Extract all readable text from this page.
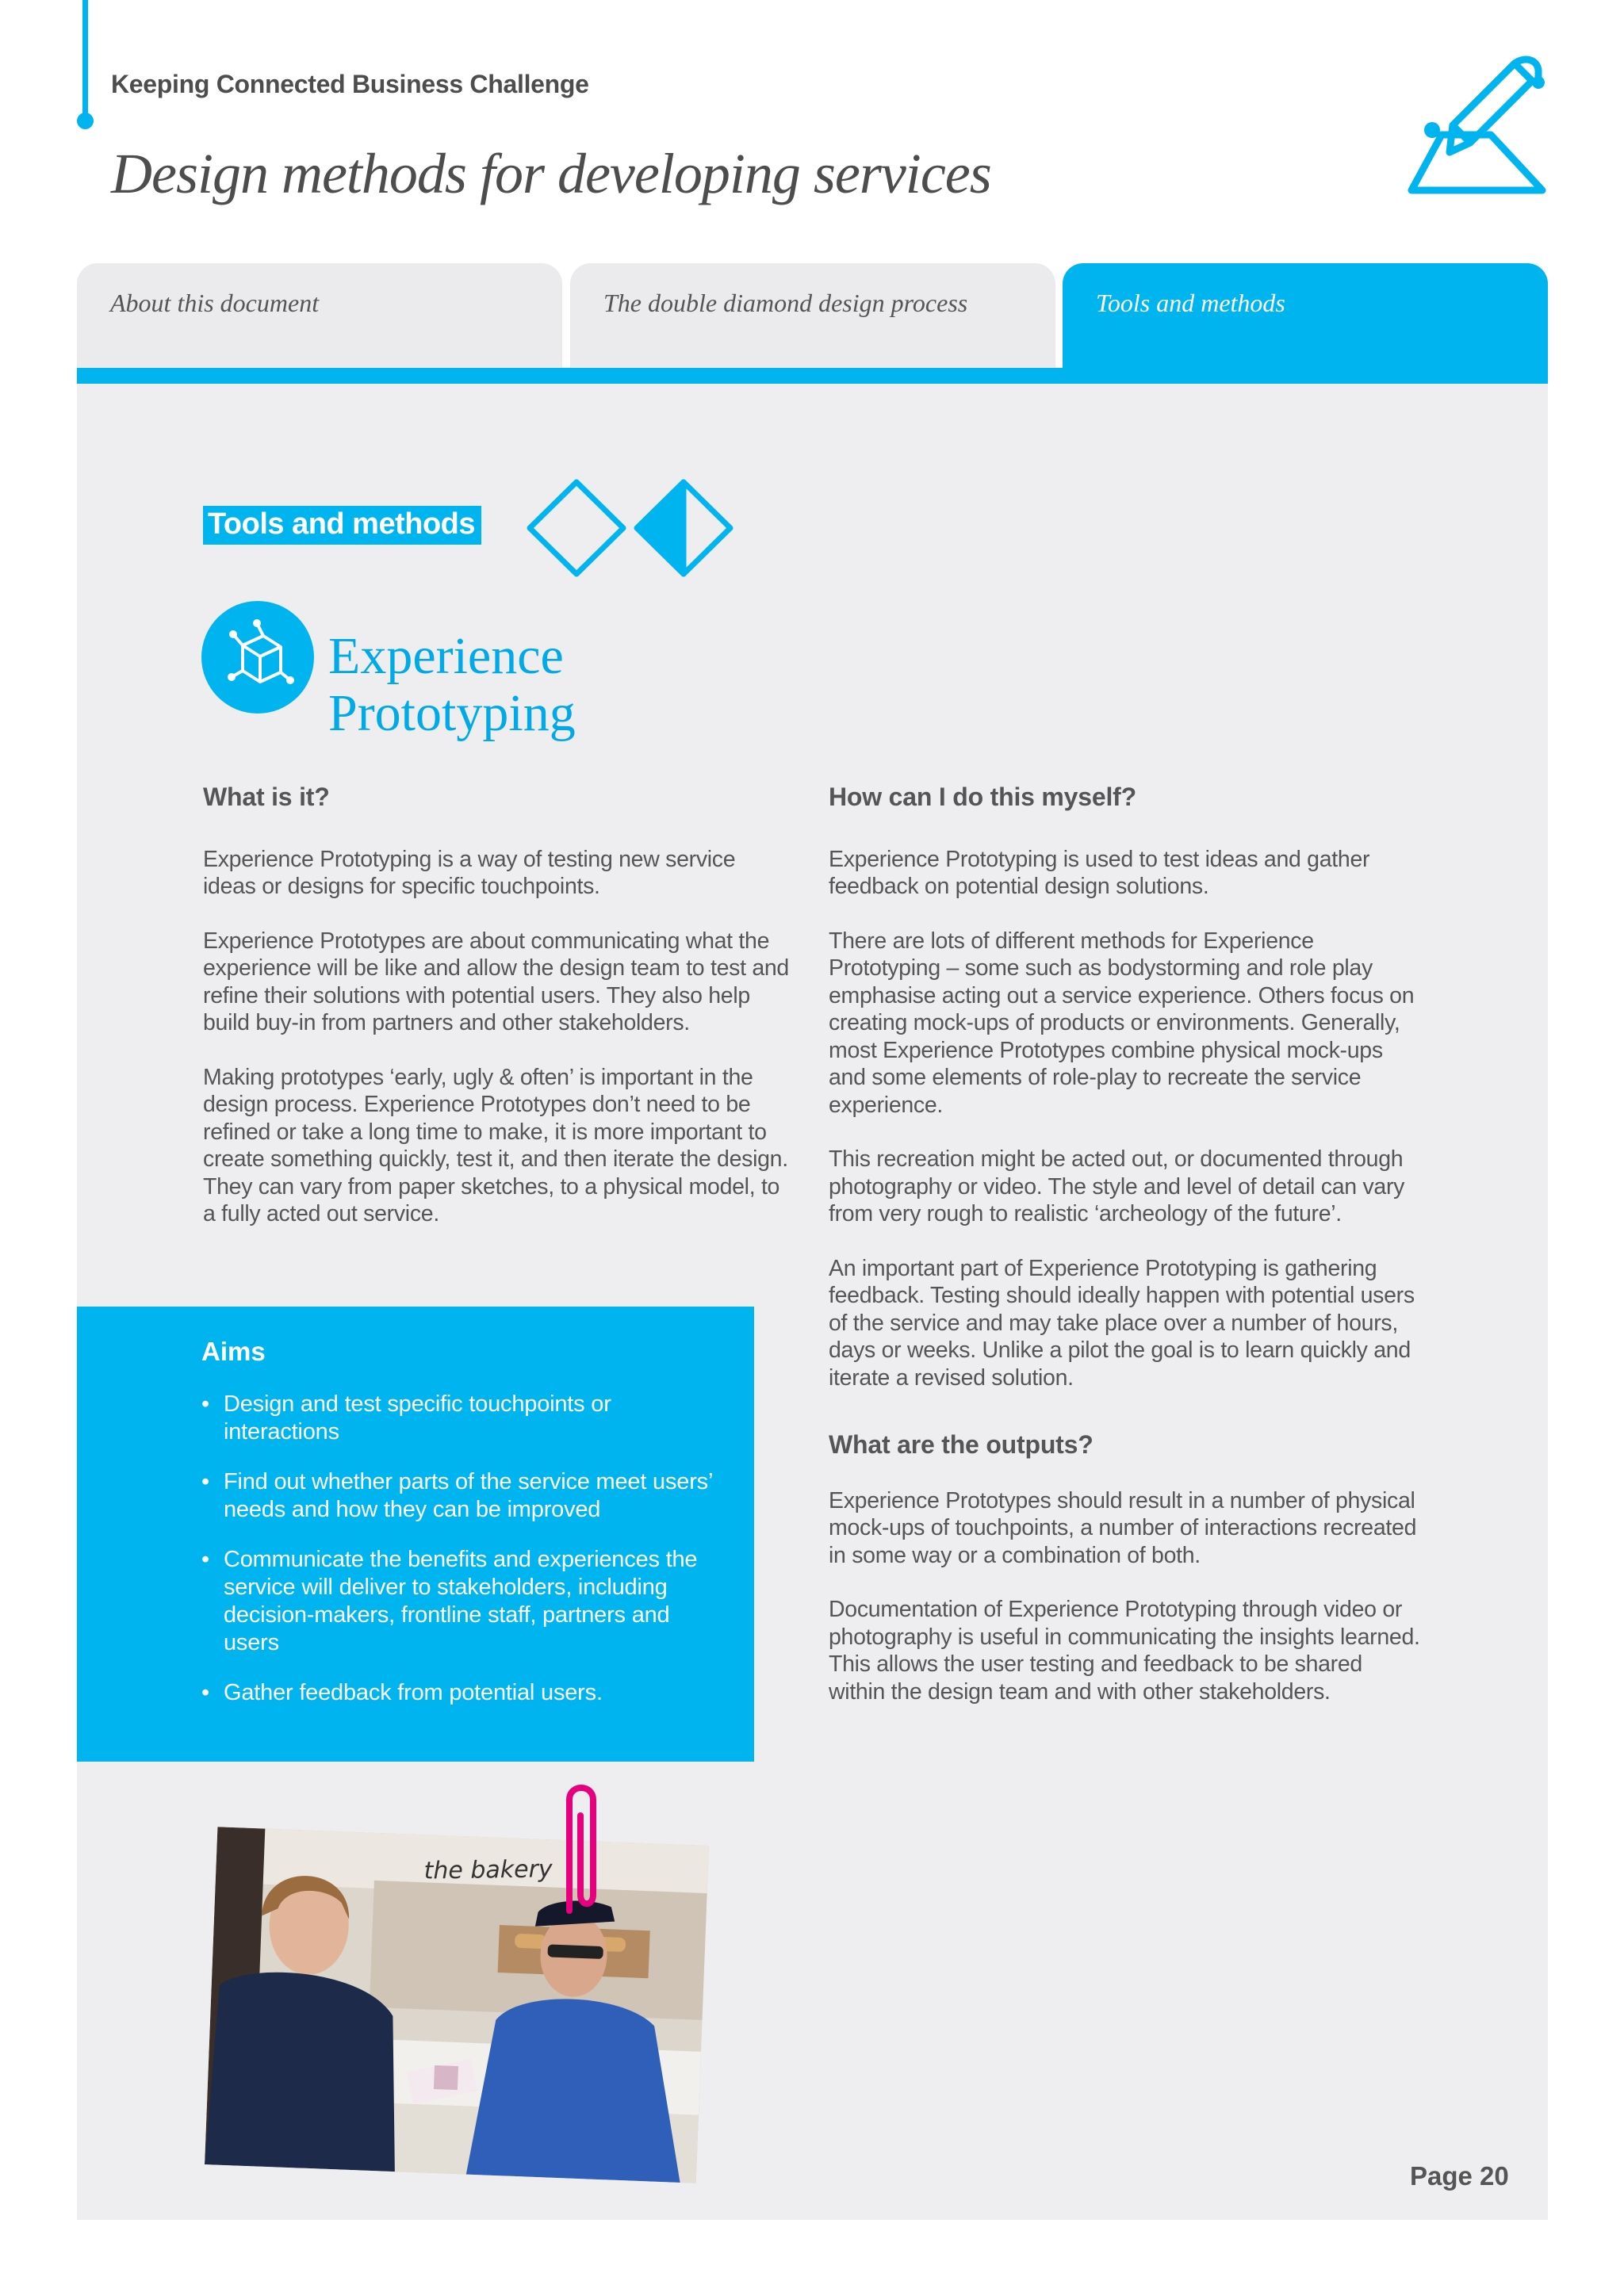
Keeping Connected Business Challenge
Design methods for developing services
About this document	The double diamond design process	Tools and methods
Tools and methods
Experience
Prototyping
What is it?

Experience Prototyping is a way of testing new service ideas or designs for specific touchpoints.

Experience Prototypes are about communicating what the experience will be like and allow the design team to test and refine their solutions with potential users. They also help build buy-in from partners and other stakeholders.

Making prototypes ‘early, ugly & often’ is important in the design process. Experience Prototypes don’t need to be refined or take a long time to make, it is more important to create something quickly, test it, and then iterate the design. They can vary from paper sketches, to a physical model, to a fully acted out service.

Aims
• Design and test specific touchpoints or interactions
• Find out whether parts of the service meet users’ needs and how they can be improved
• Communicate the benefits and experiences the service will deliver to stakeholders, including decision-makers, frontline staff, partners and users
• Gather feedback from potential users.
How can I do this myself?

Experience Prototyping is used to test ideas and gather feedback on potential design solutions.

There are lots of different methods for Experience Prototyping – some such as bodystorming and role play emphasise acting out a service experience. Others focus on creating mock-ups of products or environments. Generally, most Experience Prototypes combine physical mock-ups and some elements of role-play to recreate the service experience.

This recreation might be acted out, or documented through photography or video. The style and level of detail can vary from very rough to realistic ‘archeology of the future’.

An important part of Experience Prototyping is gathering feedback. Testing should ideally happen with potential users of the service and may take place over a number of hours, days or weeks. Unlike a pilot the goal is to learn quickly and iterate a revised solution.

What are the outputs?

Experience Prototypes should result in a number of physical mock-ups of touchpoints, a number of interactions recreated in some way or a combination of both.

Documentation of Experience Prototyping through video or photography is useful in communicating the insights learned. This allows the user testing and feedback to be shared within the design team and with other stakeholders.

the bakery
Page 20
